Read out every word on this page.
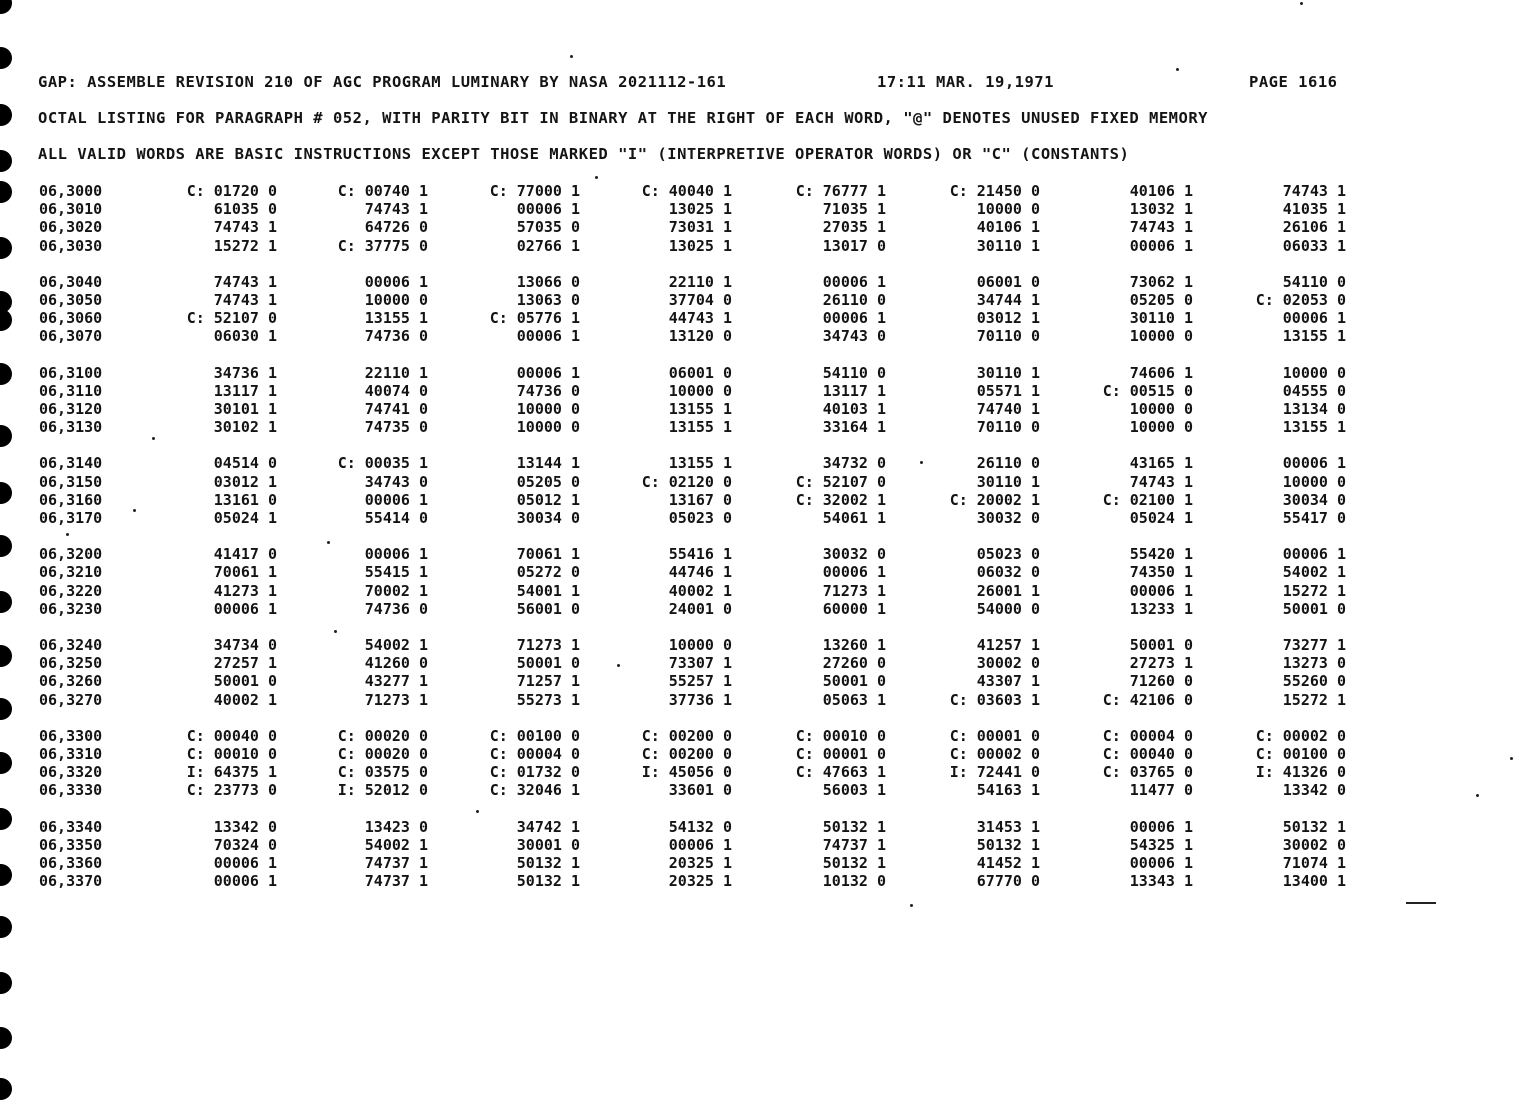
GAP: ASSEMBLE REVISION 210 OF AGC PROGRAM LUMINARY BY NASA 2021112-161

	17:11 MAR. 19,1971

	PAGE 1616

OCTAL LISTING FOR PARAGRAPH # 052, WITH PARITY BIT IN BINARY AT THE RIGHT OF EACH WORD, "@" DENOTES UNUSED FIXED MEMORY
ALL VALID WORDS ARE BASIC INSTRUCTIONS EXCEPT THOSE MARKED "I" (INTERPRETIVE OPERATOR WORDS) OR "C" (CONSTANTS)
06,3000	C: 01720 0	C: 00740 1	C: 77000 1	C: 40040 1	C: 76777 1	C: 21450 0	40106 1	74743 1
06,3010	61035 0	74743 1	00006 1	13025 1	71035 1	10000 0	13032 1	41035 1
06,3020	74743 1	64726 0	57035 0	73031 1	27035 1	40106 1	74743 1	26106 1
06,3030	15272 1	C: 37775 0	02766 1	13025 1	13017 0	30110 1	00006 1	06033 1
06,3040	74743 1	00006 1	13066 0	22110 1	00006 1	06001 0	73062 1	54110 0
06,3050	74743 1	10000 0	13063 0	37704 0	26110 0	34744 1	05205 0	C: 02053 0
06,3060	C: 52107 0	13155 1	C: 05776 1	44743 1	00006 1	03012 1	30110 1	00006 1
06,3070	06030 1	74736 0	00006 1	13120 0	34743 0	70110 0	10000 0	13155 1
06,3100	34736 1	22110 1	00006 1	06001 0	54110 0	30110 1	74606 1	10000 0
06,3110	13117 1	40074 0	74736 0	10000 0	13117 1	05571 1	C: 00515 0	04555 0
06,3120	30101 1	74741 0	10000 0	13155 1	40103 1	74740 1	10000 0	13134 0
06,3130	30102 1	74735 0	10000 0	13155 1	33164 1	70110 0	10000 0	13155 1
06,3140	04514 0	C: 00035 1	13144 1	13155 1	34732 0	26110 0	43165 1	00006 1
06,3150	03012 1	34743 0	05205 0	C: 02120 0	C: 52107 0	30110 1	74743 1	10000 0
06,3160	13161 0	00006 1	05012 1	13167 0	C: 32002 1	C: 20002 1	C: 02100 1	30034 0
06,3170	05024 1	55414 0	30034 0	05023 0	54061 1	30032 0	05024 1	55417 0
06,3200	41417 0	00006 1	70061 1	55416 1	30032 0	05023 0	55420 1	00006 1
06,3210	70061 1	55415 1	05272 0	44746 1	00006 1	06032 0	74350 1	54002 1
06,3220	41273 1	70002 1	54001 1	40002 1	71273 1	26001 1	00006 1	15272 1
06,3230	00006 1	74736 0	56001 0	24001 0	60000 1	54000 0	13233 1	50001 0
06,3240	34734 0	54002 1	71273 1	10000 0	13260 1	41257 1	50001 0	73277 1
06,3250	27257 1	41260 0	50001 0	73307 1	27260 0	30002 0	27273 1	13273 0
06,3260	50001 0	43277 1	71257 1	55257 1	50001 0	43307 1	71260 0	55260 0
06,3270	40002 1	71273 1	55273 1	37736 1	05063 1	C: 03603 1	C: 42106 0	15272 1
06,3300	C: 00040 0	C: 00020 0	C: 00100 0	C: 00200 0	C: 00010 0	C: 00001 0	C: 00004 0	C: 00002 0
06,3310	C: 00010 0	C: 00020 0	C: 00004 0	C: 00200 0	C: 00001 0	C: 00002 0	C: 00040 0	C: 00100 0
06,3320	I: 64375 1	C: 03575 0	C: 01732 0	I: 45056 0	C: 47663 1	I: 72441 0	C: 03765 0	I: 41326 0
06,3330	C: 23773 0	I: 52012 0	C: 32046 1	33601 0	56003 1	54163 1	11477 0	13342 0
06,3340	13342 0	13423 0	34742 1	54132 0	50132 1	31453 1	00006 1	50132 1
06,3350	70324 0	54002 1	30001 0	00006 1	74737 1	50132 1	54325 1	30002 0
06,3360	00006 1	74737 1	50132 1	20325 1	50132 1	41452 1	00006 1	71074 1
06,3370	00006 1	74737 1	50132 1	20325 1	10132 0	67770 0	13343 1	13400 1
